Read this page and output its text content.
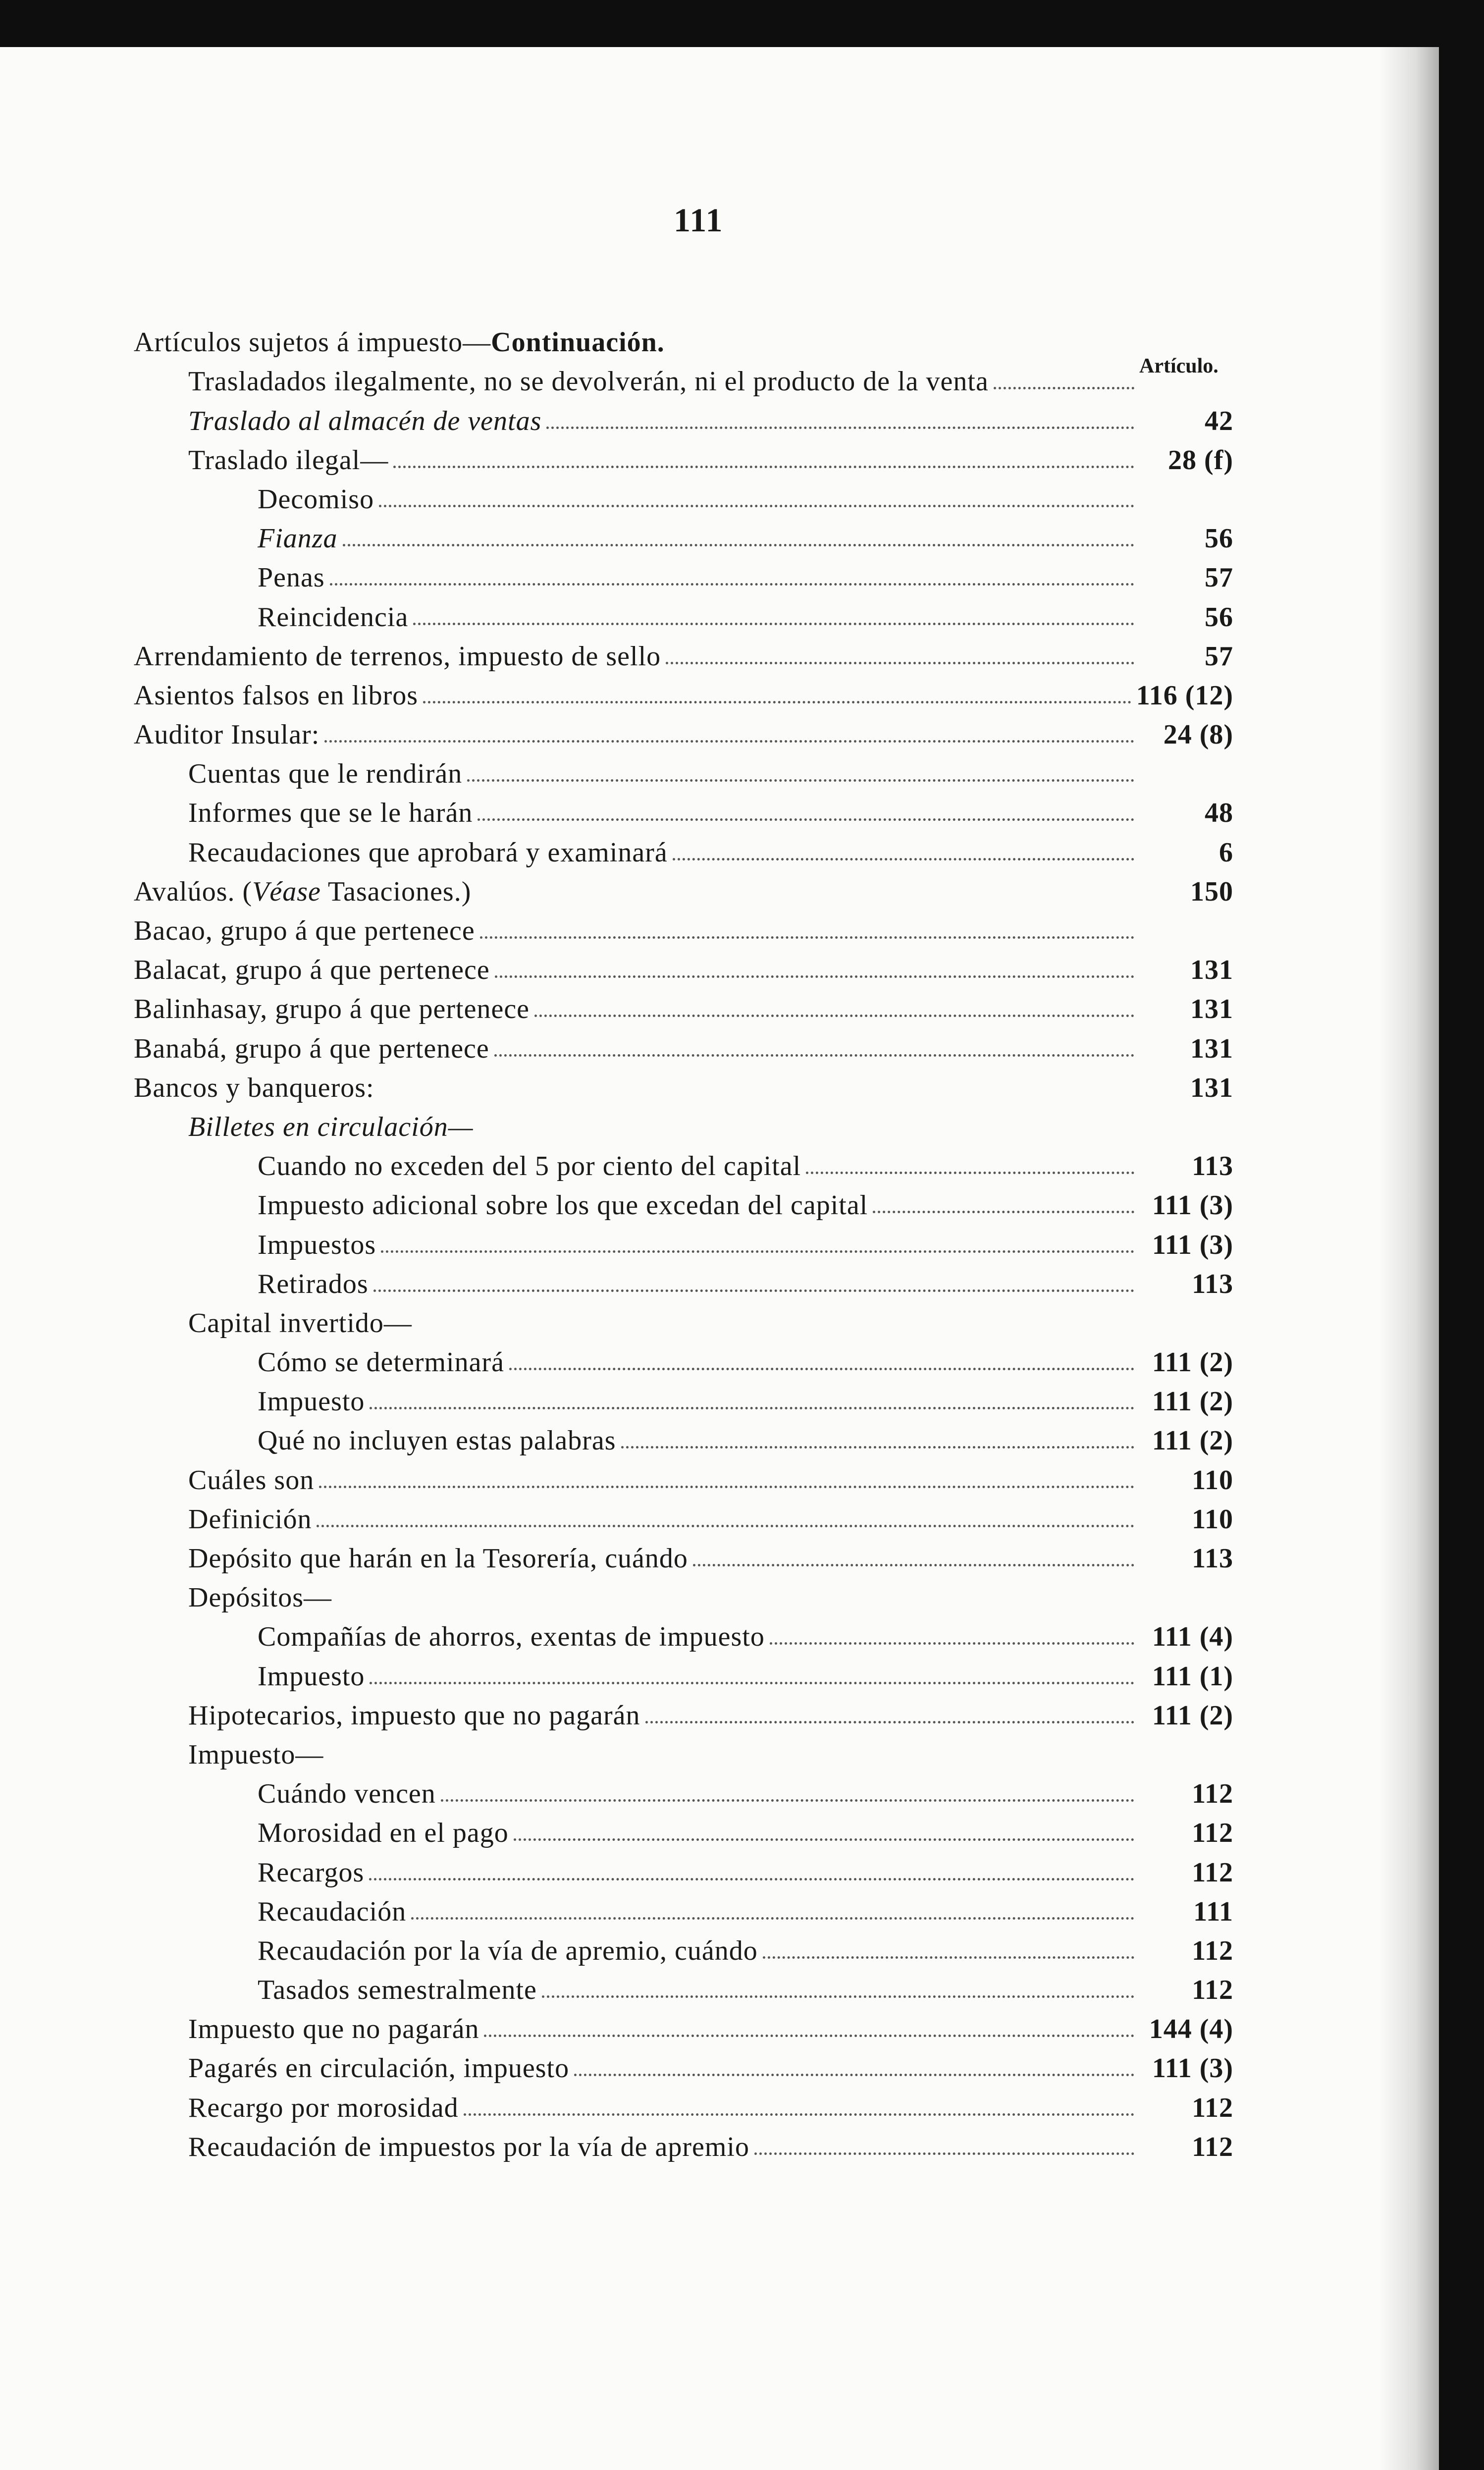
111
Artículo.
Artículos sujetos á impuesto—Continuación.
Trasladados ilegalmente, no se devolverán, ni el producto de la venta
Traslado al almacén de ventas	42
Traslado ilegal—	28 (f)
Decomiso
Fianza	56
Penas	57
Reincidencia	56
Arrendamiento de terrenos, impuesto de sello	57
Asientos falsos en libros	116 (12)
Auditor Insular:	24 (8)
Cuentas que le rendirán
Informes que se le harán	48
Recaudaciones que aprobará y examinará	6
Avalúos. (Véase Tasaciones.)	150
Bacao, grupo á que pertenece
Balacat, grupo á que pertenece	131
Balinhasay, grupo á que pertenece	131
Banabá, grupo á que pertenece	131
Bancos y banqueros:	131
Billetes en circulación—
Cuando no exceden del 5 por ciento del capital	113
Impuesto adicional sobre los que excedan del capital	111 (3)
Impuestos	111 (3)
Retirados	113
Capital invertido—
Cómo se determinará	111 (2)
Impuesto	111 (2)
Qué no incluyen estas palabras	111 (2)
Cuáles son	110
Definición	110
Depósito que harán en la Tesorería, cuándo	113
Depósitos—
Compañías de ahorros, exentas de impuesto	111 (4)
Impuesto	111 (1)
Hipotecarios, impuesto que no pagarán	111 (2)
Impuesto—
Cuándo vencen	112
Morosidad en el pago	112
Recargos	112
Recaudación	111
Recaudación por la vía de apremio, cuándo	112
Tasados semestralmente	112
Impuesto que no pagarán	144 (4)
Pagarés en circulación, impuesto	111 (3)
Recargo por morosidad	112
Recaudación de impuestos por la vía de apremio	112
